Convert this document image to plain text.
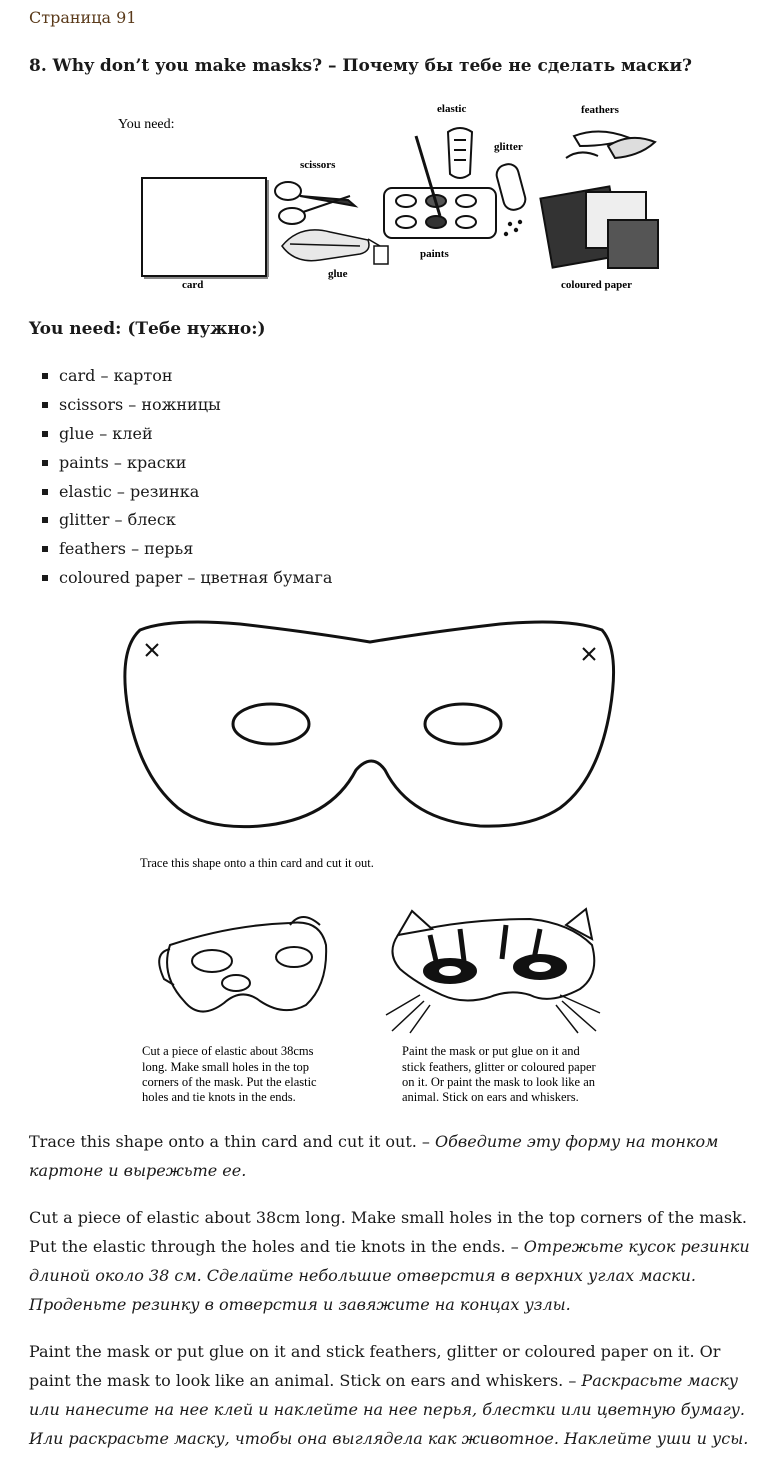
Страница 91
8. Why don’t you make masks? – Почему бы тебе не сделать маски?
You need:
card
scissors
glue
paints
elastic
glitter
feathers
coloured paper
You need: (Тебе нужно:)
card – картон
scissors – ножницы
glue – клей
paints – краски
elastic – резинка
glitter – блеск
feathers – перья
coloured paper – цветная бумага
Trace this shape onto a thin card and cut it out.
Cut a piece of elastic about 38cms long. Make small holes in the top corners of the mask. Put the elastic holes and tie knots in the ends.
Paint the mask or put glue on it and stick feathers, glitter or coloured paper on it. Or paint the mask to look like an animal. Stick on ears and whiskers.

Trace this shape onto a thin card and cut it out. – Обведите эту форму на тонком картоне и вырежьте ее.

Cut a piece of elastic about 38cm long. Make small holes in the top corners of the mask. Put the elastic through the holes and tie knots in the ends. – Отрежьте кусок резинки длиной около 38 см. Сделайте небольшие отверстия в верхних углах маски. Проденьте резинку в отверстия и завяжите на концах узлы.

Paint the mask or put glue on it and stick feathers, glitter or coloured paper on it. Or paint the mask to look like an animal. Stick on ears and whiskers. – Раскрасьте маску или нанесите на нее клей и наклейте на нее перья, блестки или цветную бумагу. Или раскрасьте маску, чтобы она выглядела как животное. Наклейте уши и усы.
